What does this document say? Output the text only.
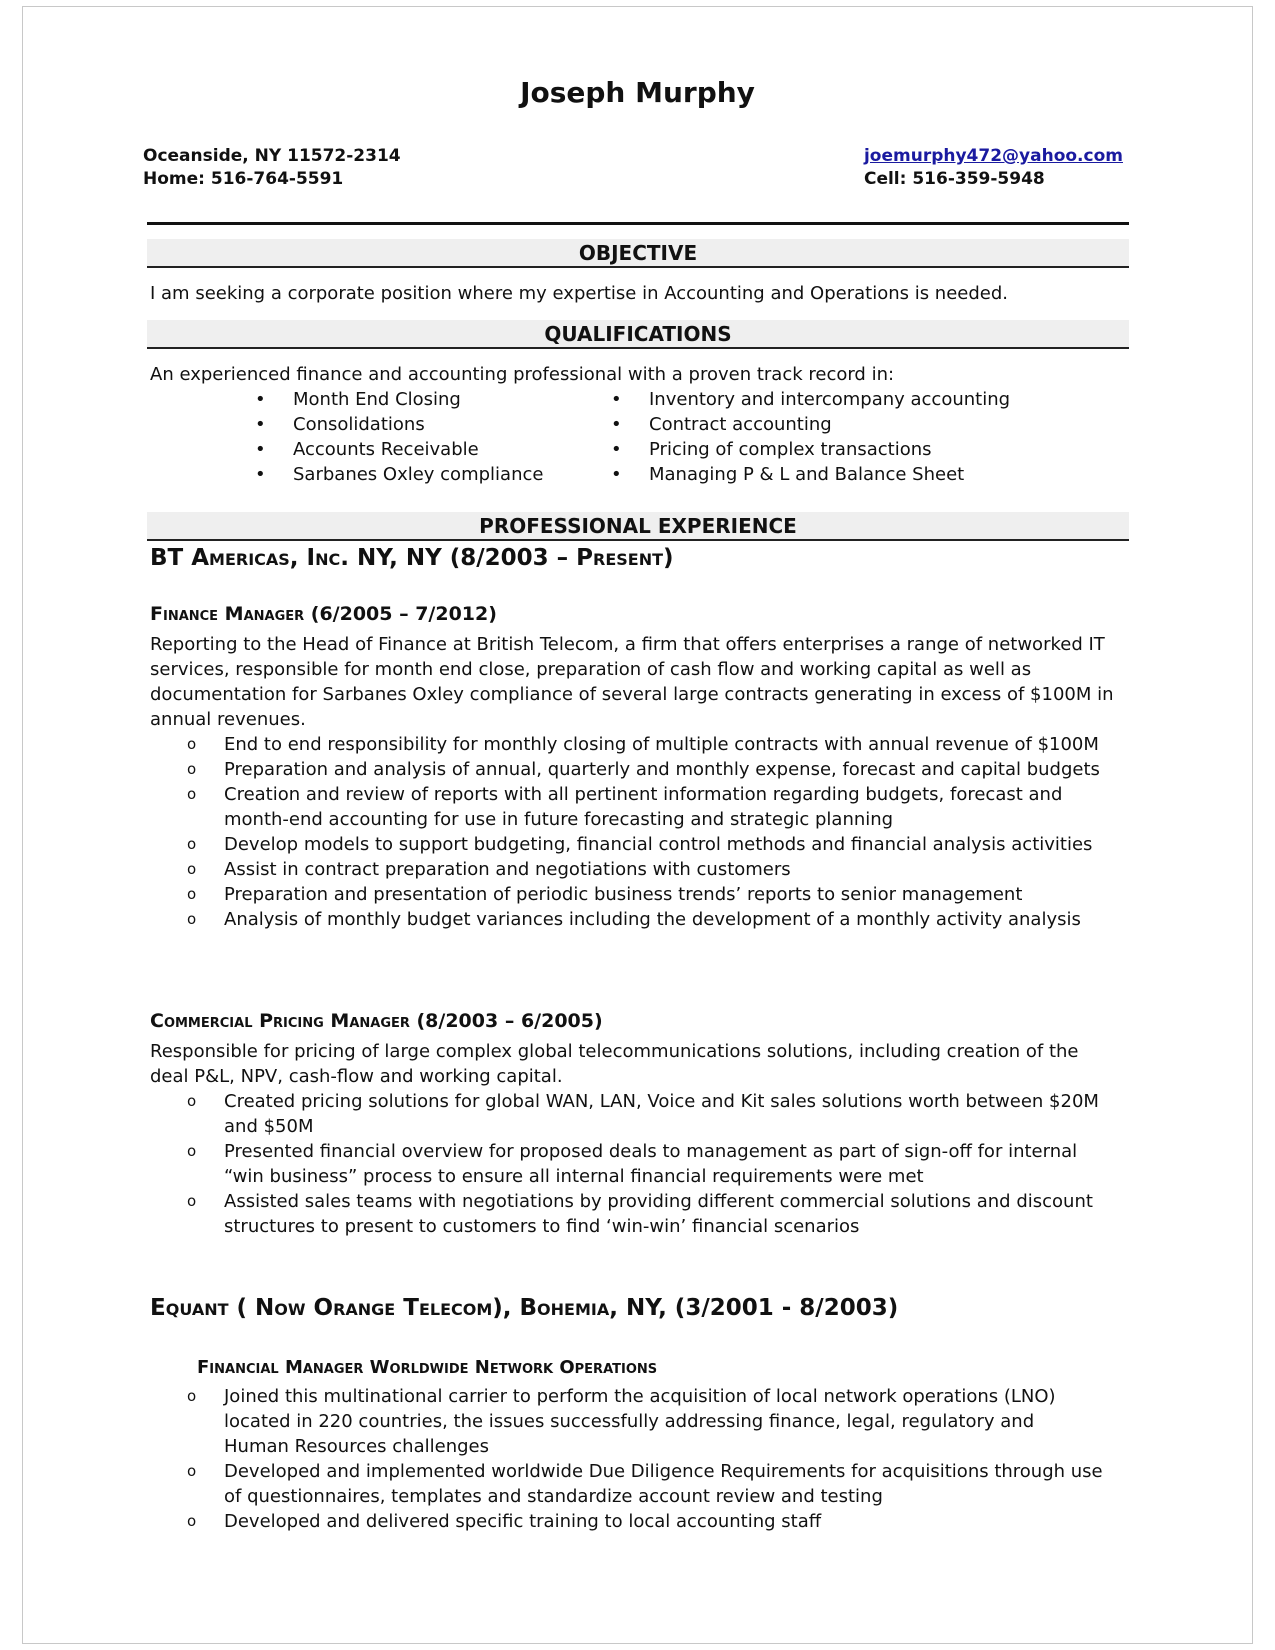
Joseph Murphy
Oceanside, NY 11572-2314
Home: 516-764-5591
joemurphy472@yahoo.com
Cell: 516-359-5948
OBJECTIVE
I am seeking a corporate position where my expertise in Accounting and Operations is needed.
QUALIFICATIONS
An experienced finance and accounting professional with a proven track record in:
• Month End Closing
• Consolidations
• Accounts Receivable
• Sarbanes Oxley compliance
• Inventory and intercompany accounting
• Contract accounting
• Pricing of complex transactions
• Managing P & L and Balance Sheet
PROFESSIONAL EXPERIENCE
BT Americas, Inc. NY, NY (8/2003 – Present)
Finance Manager (6/2005 – 7/2012)
Reporting to the Head of Finance at British Telecom, a firm that offers enterprises a range of networked IT services, responsible for month end close, preparation of cash flow and working capital as well as documentation for Sarbanes Oxley compliance of several large contracts generating in excess of $100M in annual revenues.
o End to end responsibility for monthly closing of multiple contracts with annual revenue of $100M
o Preparation and analysis of annual, quarterly and monthly expense, forecast and capital budgets
o Creation and review of reports with all pertinent information regarding budgets, forecast and month-end accounting for use in future forecasting and strategic planning
o Develop models to support budgeting, financial control methods and financial analysis activities
o Assist in contract preparation and negotiations with customers
o Preparation and presentation of periodic business trends’ reports to senior management
o Analysis of monthly budget variances including the development of a monthly activity analysis
Commercial Pricing Manager (8/2003 – 6/2005)
Responsible for pricing of large complex global telecommunications solutions, including creation of the deal P&L, NPV, cash-flow and working capital.
o Created pricing solutions for global WAN, LAN, Voice and Kit sales solutions worth between $20M and $50M
o Presented financial overview for proposed deals to management as part of sign-off for internal “win business” process to ensure all internal financial requirements were met
o Assisted sales teams with negotiations by providing different commercial solutions and discount structures to present to customers to find ‘win-win’ financial scenarios
Equant ( Now Orange Telecom), Bohemia, NY, (3/2001 - 8/2003)
Financial Manager Worldwide Network Operations
o Joined this multinational carrier to perform the acquisition of local network operations (LNO) located in 220 countries, the issues successfully addressing finance, legal, regulatory and Human Resources challenges
o Developed and implemented worldwide Due Diligence Requirements for acquisitions through use of questionnaires, templates and standardize account review and testing
o Developed and delivered specific training to local accounting staff
